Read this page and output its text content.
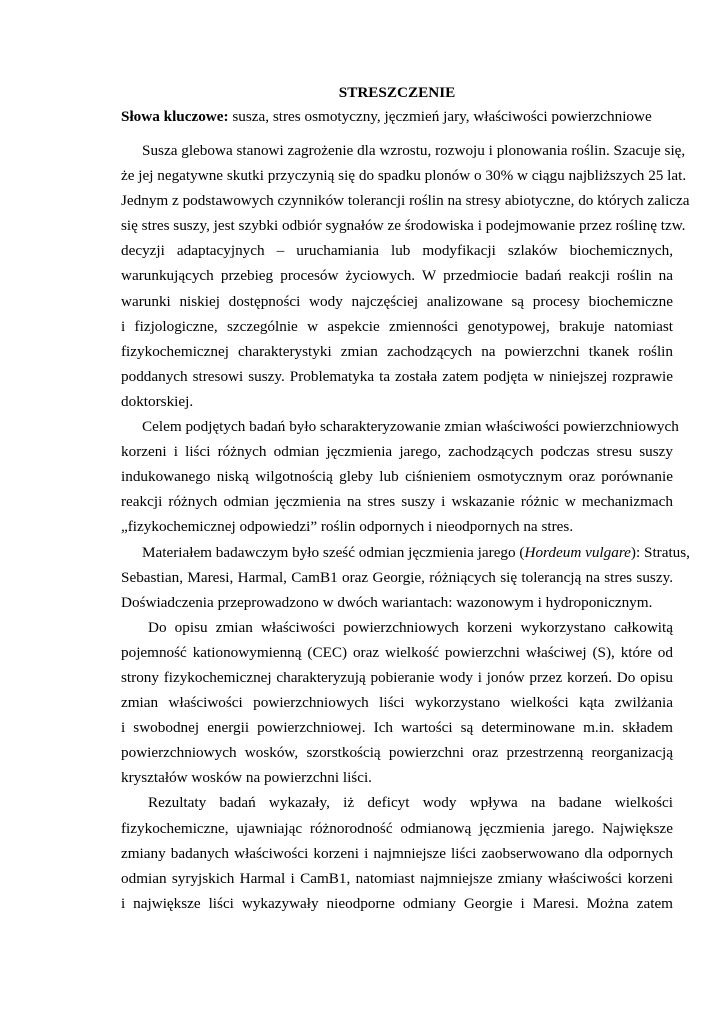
STRESZCZENIE
Słowa kluczowe: susza, stres osmotyczny, jęczmień jary, właściwości powierzchniowe
Susza glebowa stanowi zagrożenie dla wzrostu, rozwoju i plonowania roślin. Szacuje się,
że jej negatywne skutki przyczynią się do spadku plonów o 30% w ciągu najbliższych 25 lat.
Jednym z podstawowych czynników tolerancji roślin na stresy abiotyczne, do których zalicza
się stres suszy, jest szybki odbiór sygnałów ze środowiska i podejmowanie przez roślinę tzw.
decyzji adaptacyjnych – uruchamiania lub modyfikacji szlaków biochemicznych,
warunkujących przebieg procesów życiowych. W przedmiocie badań reakcji roślin na
warunki niskiej dostępności wody najczęściej analizowane są procesy biochemiczne
i fizjologiczne, szczególnie w aspekcie zmienności genotypowej, brakuje natomiast
fizykochemicznej charakterystyki zmian zachodzących na powierzchni tkanek roślin
poddanych stresowi suszy. Problematyka ta została zatem podjęta w niniejszej rozprawie
doktorskiej.
Celem podjętych badań było scharakteryzowanie zmian właściwości powierzchniowych
korzeni i liści różnych odmian jęczmienia jarego, zachodzących podczas stresu suszy
indukowanego niską wilgotnością gleby lub ciśnieniem osmotycznym oraz porównanie
reakcji różnych odmian jęczmienia na stres suszy i wskazanie różnic w mechanizmach
„fizykochemicznej odpowiedzi” roślin odpornych i nieodpornych na stres.
Materiałem badawczym było sześć odmian jęczmienia jarego (Hordeum vulgare): Stratus,
Sebastian, Maresi, Harmal, CamB1 oraz Georgie, różniących się tolerancją na stres suszy.
Doświadczenia przeprowadzono w dwóch wariantach: wazonowym i hydroponicznym.
Do opisu zmian właściwości powierzchniowych korzeni wykorzystano całkowitą
pojemność kationowymienną (CEC) oraz wielkość powierzchni właściwej (S), które od
strony fizykochemicznej charakteryzują pobieranie wody i jonów przez korzeń. Do opisu
zmian właściwości powierzchniowych liści wykorzystano wielkości kąta zwilżania
i swobodnej energii powierzchniowej. Ich wartości są determinowane m.in. składem
powierzchniowych wosków, szorstkością powierzchni oraz przestrzenną reorganizacją
kryształów wosków na powierzchni liści.
Rezultaty badań wykazały, iż deficyt wody wpływa na badane wielkości
fizykochemiczne, ujawniając różnorodność odmianową jęczmienia jarego. Największe
zmiany badanych właściwości korzeni i najmniejsze liści zaobserwowano dla odpornych
odmian syryjskich Harmal i CamB1, natomiast najmniejsze zmiany właściwości korzeni
i największe liści wykazywały nieodporne odmiany Georgie i Maresi. Można zatem
